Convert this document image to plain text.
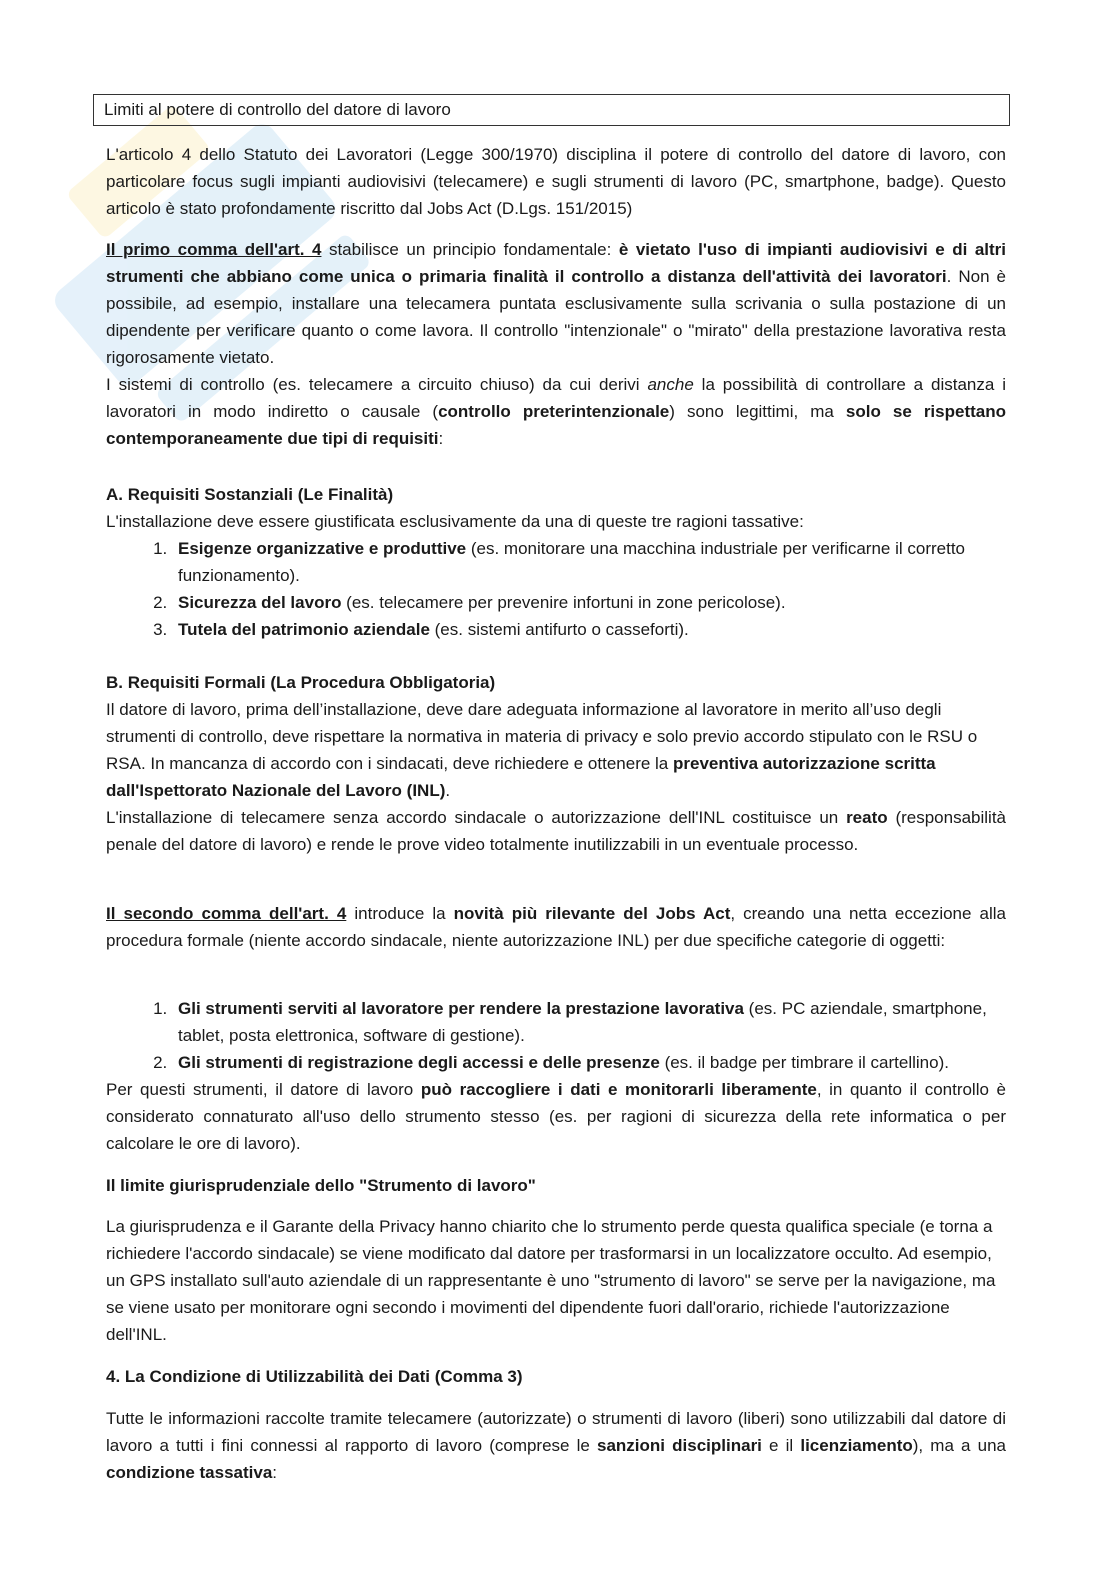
Limiti al potere di controllo del datore di lavoro

L'articolo 4 dello Statuto dei Lavoratori (Legge 300/1970) disciplina il potere di controllo del datore di lavoro, con particolare focus sugli impianti audiovisivi (telecamere) e sugli strumenti di lavoro (PC, smartphone, badge). Questo articolo è stato profondamente riscritto dal Jobs Act (D.Lgs. 151/2015)

Il primo comma dell'art. 4 stabilisce un principio fondamentale: è vietato l'uso di impianti audiovisivi e di altri strumenti che abbiano come unica o primaria finalità il controllo a distanza dell'attività dei lavoratori. Non è possibile, ad esempio, installare una telecamera puntata esclusivamente sulla scrivania o sulla postazione di un dipendente per verificare quanto o come lavora. Il controllo "intenzionale" o "mirato" della prestazione lavorativa resta rigorosamente vietato.

I sistemi di controllo (es. telecamere a circuito chiuso) da cui derivi anche la possibilità di controllare a distanza i lavoratori in modo indiretto o causale (controllo preterintenzionale) sono legittimi, ma solo se rispettano contemporaneamente due tipi di requisiti:

A. Requisiti Sostanziali (Le Finalità)

L'installazione deve essere giustificata esclusivamente da una di queste tre ragioni tassative:

1. Esigenze organizzative e produttive (es. monitorare una macchina industriale per verificarne il corretto funzionamento).
2. Sicurezza del lavoro (es. telecamere per prevenire infortuni in zone pericolose).
3. Tutela del patrimonio aziendale (es. sistemi antifurto o casseforti).

B. Requisiti Formali (La Procedura Obbligatoria)

Il datore di lavoro, prima dell’installazione, deve dare adeguata informazione al lavoratore in merito all’uso degli strumenti di controllo, deve rispettare la normativa in materia di privacy e solo previo accordo stipulato con le RSU o RSA. In mancanza di accordo con i sindacati, deve richiedere e ottenere la preventiva autorizzazione scritta dall'Ispettorato Nazionale del Lavoro (INL).

L'installazione di telecamere senza accordo sindacale o autorizzazione dell'INL costituisce un reato (responsabilità penale del datore di lavoro) e rende le prove video totalmente inutilizzabili in un eventuale processo.

Il secondo comma dell'art. 4 introduce la novità più rilevante del Jobs Act, creando una netta eccezione alla procedura formale (niente accordo sindacale, niente autorizzazione INL) per due specifiche categorie di oggetti:

1. Gli strumenti serviti al lavoratore per rendere la prestazione lavorativa (es. PC aziendale, smartphone, tablet, posta elettronica, software di gestione).
2. Gli strumenti di registrazione degli accessi e delle presenze (es. il badge per timbrare il cartellino).

Per questi strumenti, il datore di lavoro può raccogliere i dati e monitorarli liberamente, in quanto il controllo è considerato connaturato all'uso dello strumento stesso (es. per ragioni di sicurezza della rete informatica o per calcolare le ore di lavoro).

Il limite giurisprudenziale dello "Strumento di lavoro"

La giurisprudenza e il Garante della Privacy hanno chiarito che lo strumento perde questa qualifica speciale (e torna a richiedere l'accordo sindacale) se viene modificato dal datore per trasformarsi in un localizzatore occulto. Ad esempio, un GPS installato sull'auto aziendale di un rappresentante è uno "strumento di lavoro" se serve per la navigazione, ma se viene usato per monitorare ogni secondo i movimenti del dipendente fuori dall'orario, richiede l'autorizzazione dell'INL.

4. La Condizione di Utilizzabilità dei Dati (Comma 3)

Tutte le informazioni raccolte tramite telecamere (autorizzate) o strumenti di lavoro (liberi) sono utilizzabili dal datore di lavoro a tutti i fini connessi al rapporto di lavoro (comprese le sanzioni disciplinari e il licenziamento), ma a una condizione tassativa:
